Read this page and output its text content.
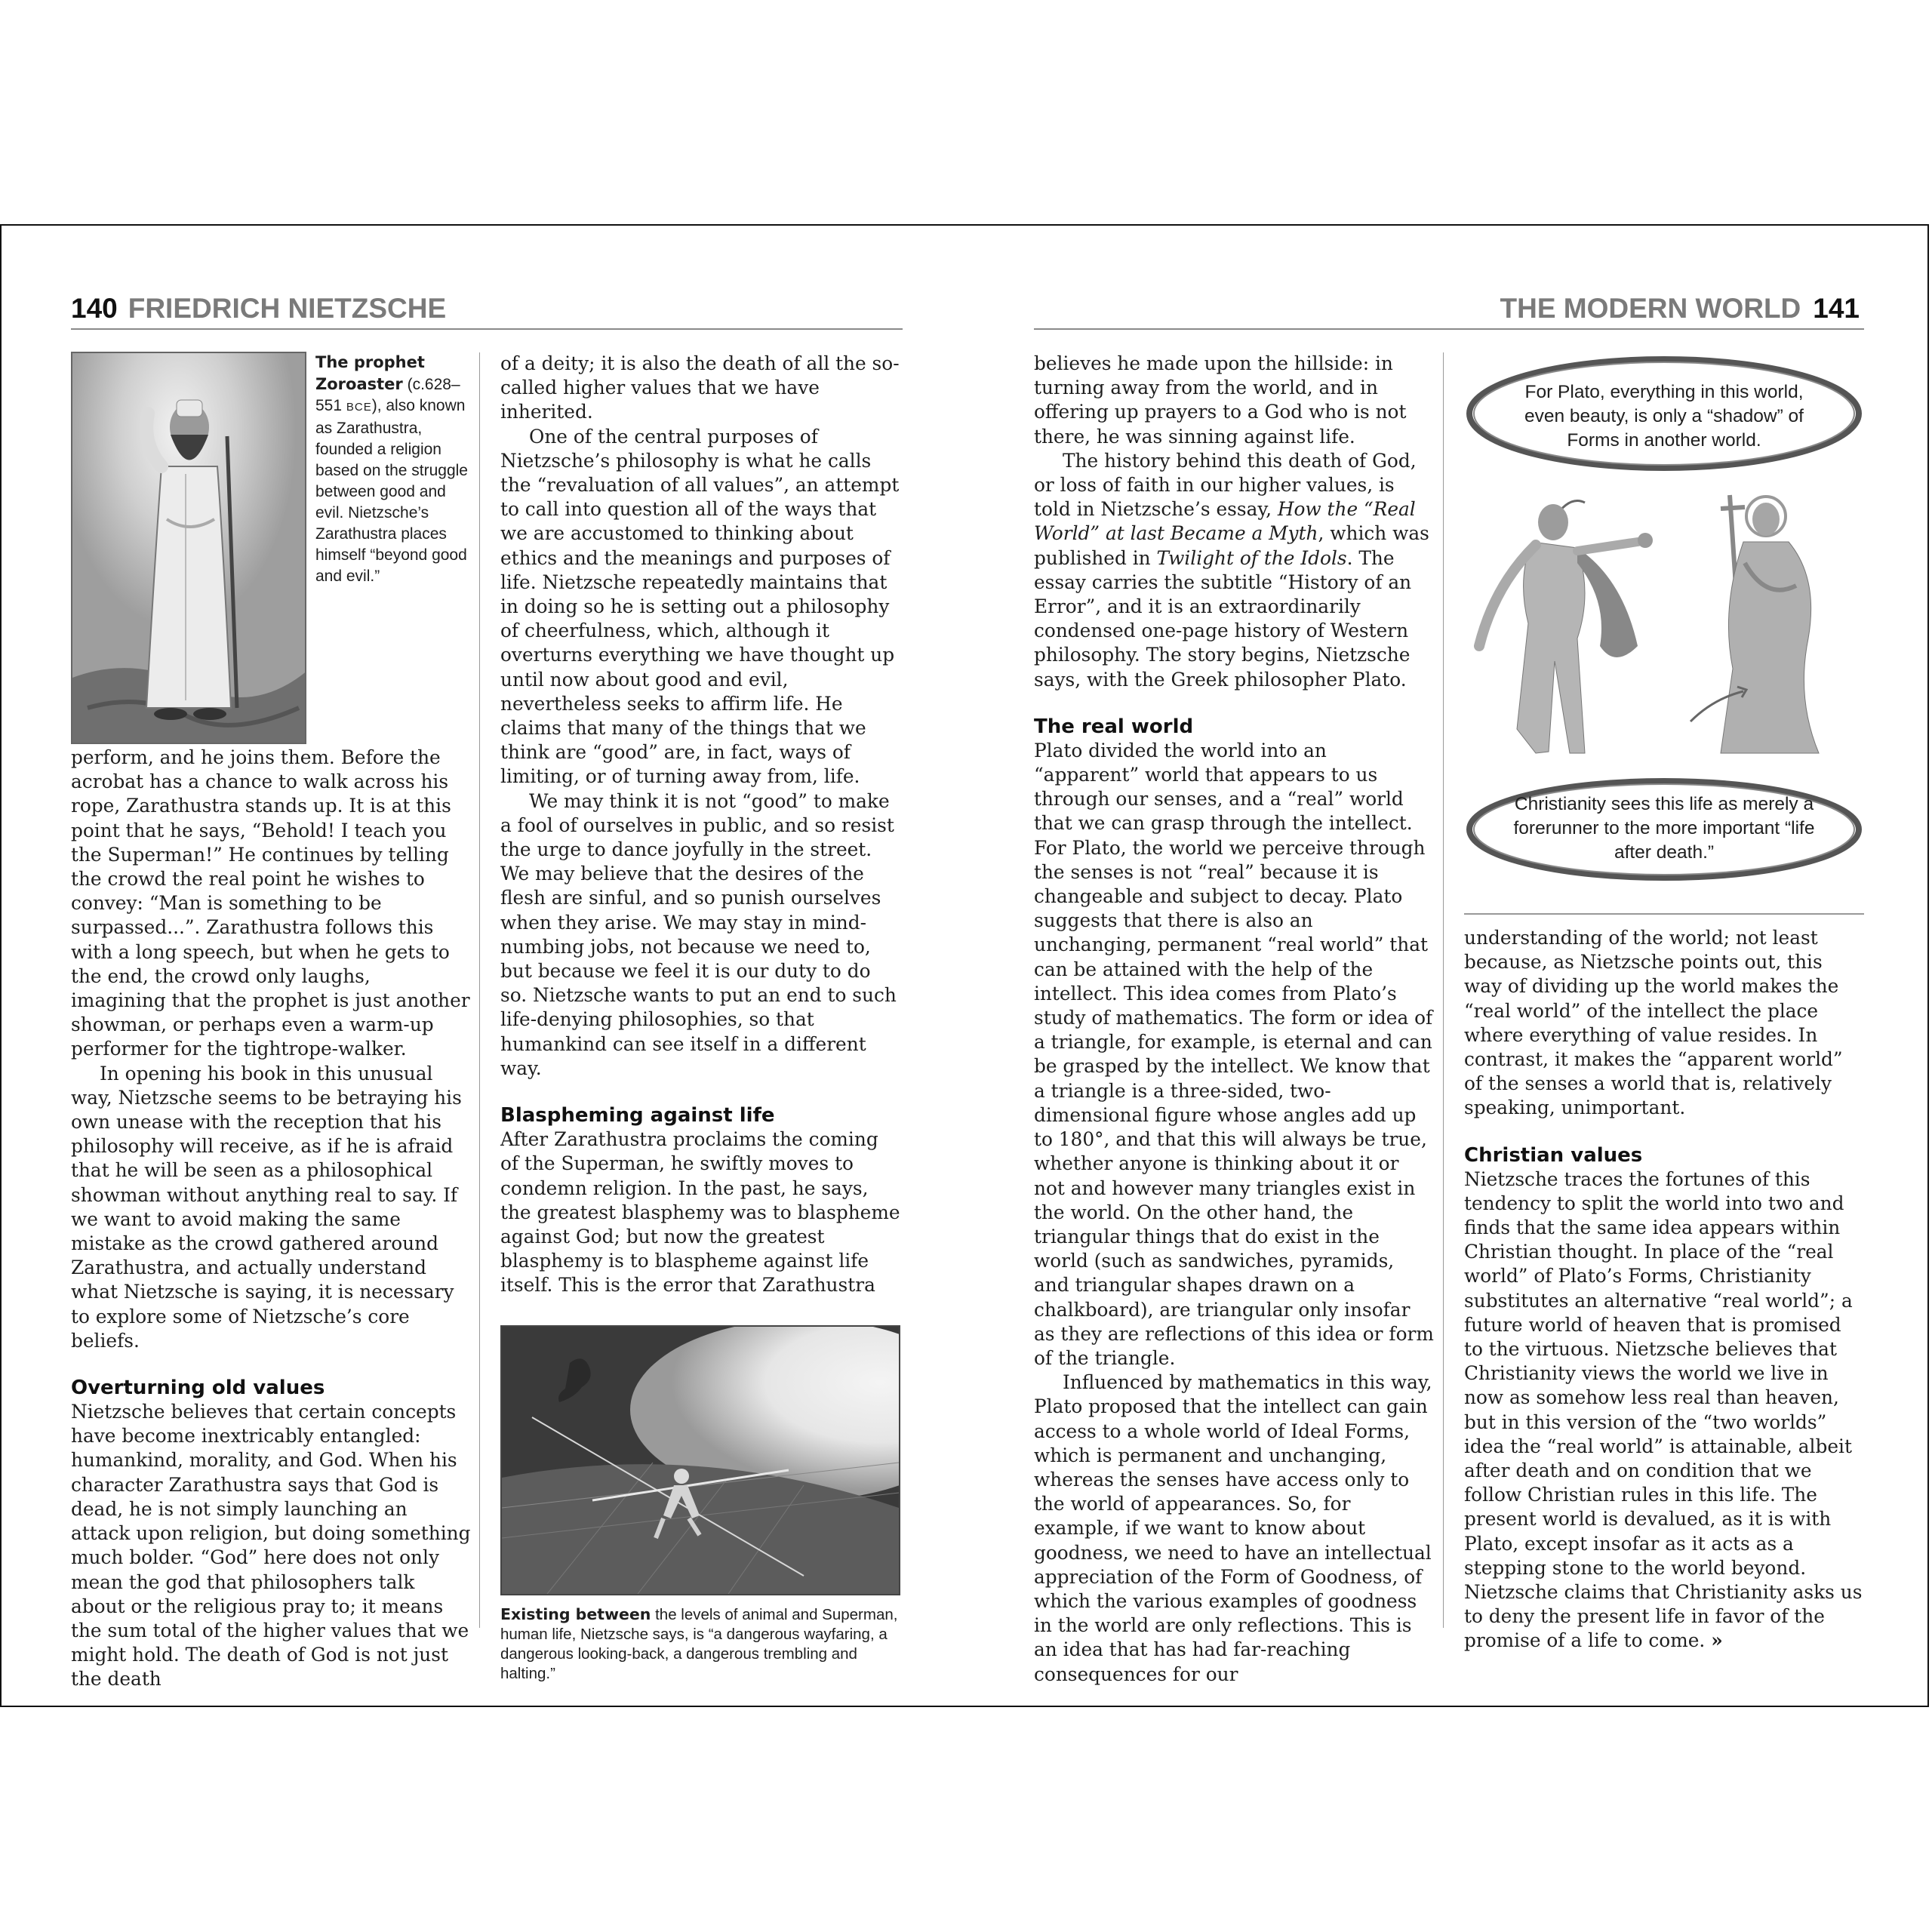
140 FRIEDRICH NIETZSCHE	THE MODERN WORLD 141
The prophet Zoroaster (c.628–551 BCE), also known as Zarathustra, founded a religion based on the struggle between good and evil. Nietzsche’s Zarathustra places himself “beyond good and evil.”

perform, and he joins them. Before the acrobat has a chance to walk across his rope, Zarathustra stands up. It is at this point that he says, “Behold! I teach you the Superman!” He continues by telling the crowd the real point he wishes to convey: “Man is something to be surpassed...”. Zarathustra follows this with a long speech, but when he gets to the end, the crowd only laughs, imagining that the prophet is just another showman, or perhaps even a warm-up performer for the tightrope-walker.

In opening his book in this unusual way, Nietzsche seems to be betraying his own unease with the reception that his philosophy will receive, as if he is afraid that he will be seen as a philosophical showman without anything real to say. If we want to avoid making the same mistake as the crowd gathered around Zarathustra, and actually understand what Nietzsche is saying, it is necessary to explore some of Nietzsche’s core beliefs.

Overturning old values

Nietzsche believes that certain concepts have become inextricably entangled: humankind, morality, and God. When his character Zarathustra says that God is dead, he is not simply launching an attack upon religion, but doing something much bolder. “God” here does not only mean the god that philosophers talk about or the religious pray to; it means the sum total of the higher values that we might hold. The death of God is not just the death

of a deity; it is also the death of all the so-called higher values that we have inherited.

One of the central purposes of Nietzsche’s philosophy is what he calls the “revaluation of all values”, an attempt to call into question all of the ways that we are accustomed to thinking about ethics and the meanings and purposes of life. Nietzsche repeatedly maintains that in doing so he is setting out a philosophy of cheerfulness, which, although it overturns everything we have thought up until now about good and evil, nevertheless seeks to affirm life. He claims that many of the things that we think are “good” are, in fact, ways of limiting, or of turning away from, life.

We may think it is not “good” to make a fool of ourselves in public, and so resist the urge to dance joyfully in the street. We may believe that the desires of the flesh are sinful, and so punish ourselves when they arise. We may stay in mind-numbing jobs, not because we need to, but because we feel it is our duty to do so. Nietzsche wants to put an end to such life-denying philosophies, so that humankind can see itself in a different way.

Blaspheming against life

After Zarathustra proclaims the coming of the Superman, he swiftly moves to condemn religion. In the past, he says, the greatest blasphemy was to blaspheme against God; but now the greatest blasphemy is to blaspheme against life itself. This is the error that Zarathustra

Existing between the levels of animal and Superman, human life, Nietzsche says, is “a dangerous wayfaring, a dangerous looking-back, a dangerous trembling and halting.”

believes he made upon the hillside: in turning away from the world, and in offering up prayers to a God who is not there, he was sinning against life.

The history behind this death of God, or loss of faith in our higher values, is told in Nietzsche’s essay, How the “Real World” at last Became a Myth, which was published in Twilight of the Idols. The essay carries the subtitle “History of an Error”, and it is an extraordinarily condensed one-page history of Western philosophy. The story begins, Nietzsche says, with the Greek philosopher Plato.

The real world

Plato divided the world into an “apparent” world that appears to us through our senses, and a “real” world that we can grasp through the intellect. For Plato, the world we perceive through the senses is not “real” because it is changeable and subject to decay. Plato suggests that there is also an unchanging, permanent “real world” that can be attained with the help of the intellect. This idea comes from Plato’s study of mathematics. The form or idea of a triangle, for example, is eternal and can be grasped by the intellect. We know that a triangle is a three-sided, two-dimensional figure whose angles add up to 180°, and that this will always be true, whether anyone is thinking about it or not and however many triangles exist in the world. On the other hand, the triangular things that do exist in the world (such as sandwiches, pyramids, and triangular shapes drawn on a chalkboard), are triangular only insofar as they are reflections of this idea or form of the triangle.

Influenced by mathematics in this way, Plato proposed that the intellect can gain access to a whole world of Ideal Forms, which is permanent and unchanging, whereas the senses have access only to the world of appearances. So, for example, if we want to know about goodness, we need to have an intellectual appreciation of the Form of Goodness, of which the various examples of goodness in the world are only reflections. This is an idea that has had far-reaching consequences for our

For Plato, everything in this world, even beauty, is only a “shadow” of Forms in another world.
Christianity sees this life as merely a forerunner to the more important “life after death.”

understanding of the world; not least because, as Nietzsche points out, this way of dividing up the world makes the “real world” of the intellect the place where everything of value resides. In contrast, it makes the “apparent world” of the senses a world that is, relatively speaking, unimportant.

Christian values

Nietzsche traces the fortunes of this tendency to split the world into two and finds that the same idea appears within Christian thought. In place of the “real world” of Plato’s Forms, Christianity substitutes an alternative “real world”; a future world of heaven that is promised to the virtuous. Nietzsche believes that Christianity views the world we live in now as somehow less real than heaven, but in this version of the “two worlds” idea the “real world” is attainable, albeit after death and on condition that we follow Christian rules in this life. The present world is devalued, as it is with Plato, except insofar as it acts as a stepping stone to the world beyond. Nietzsche claims that Christianity asks us to deny the present life in favor of the promise of a life to come. »
